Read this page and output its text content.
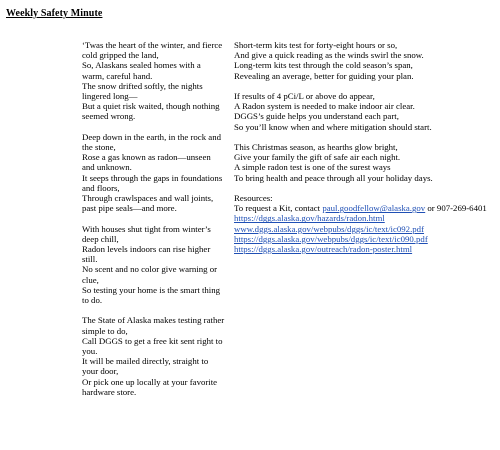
Weekly Safety Minute
‘Twas the heart of the winter, and fierce cold gripped the land,
So, Alaskans sealed homes with a warm, careful hand.
The snow drifted softly, the nights lingered long—
But a quiet risk waited, though nothing seemed wrong.
Deep down in the earth, in the rock and the stone,
Rose a gas known as radon—unseen and unknown.
It seeps through the gaps in foundations and floors,
Through crawlspaces and wall joints, past pipe seals—and more.
With houses shut tight from winter’s deep chill,
Radon levels indoors can rise higher still.
No scent and no color give warning or clue,
So testing your home is the smart thing to do.
The State of Alaska makes testing rather simple to do,
Call DGGS to get a free kit sent right to you.
It will be mailed directly, straight to your door,
Or pick one up locally at your favorite hardware store.
Short-term kits test for forty-eight hours or so,
And give a quick reading as the winds swirl the snow.
Long-term kits test through the cold season’s span,
Revealing an average, better for guiding your plan.
If results of 4 pCi/L or above do appear,
A Radon system is needed to make indoor air clear.
DGGS’s guide helps you understand each part,
So you’ll know when and where mitigation should start.
This Christmas season, as hearths glow bright,
Give your family the gift of safe air each night.
A simple radon test is one of the surest ways
To bring health and peace through all your holiday days.
Resources:
To request a Kit, contact paul.goodfellow@alaska.gov or 907-269-6401
https://dggs.alaska.gov/hazards/radon.html
www.dggs.alaska.gov/webpubs/dggs/ic/text/ic092.pdf
https://dggs.alaska.gov/webpubs/dggs/ic/text/ic090.pdf
https://dggs.alaska.gov/outreach/radon-poster.html
